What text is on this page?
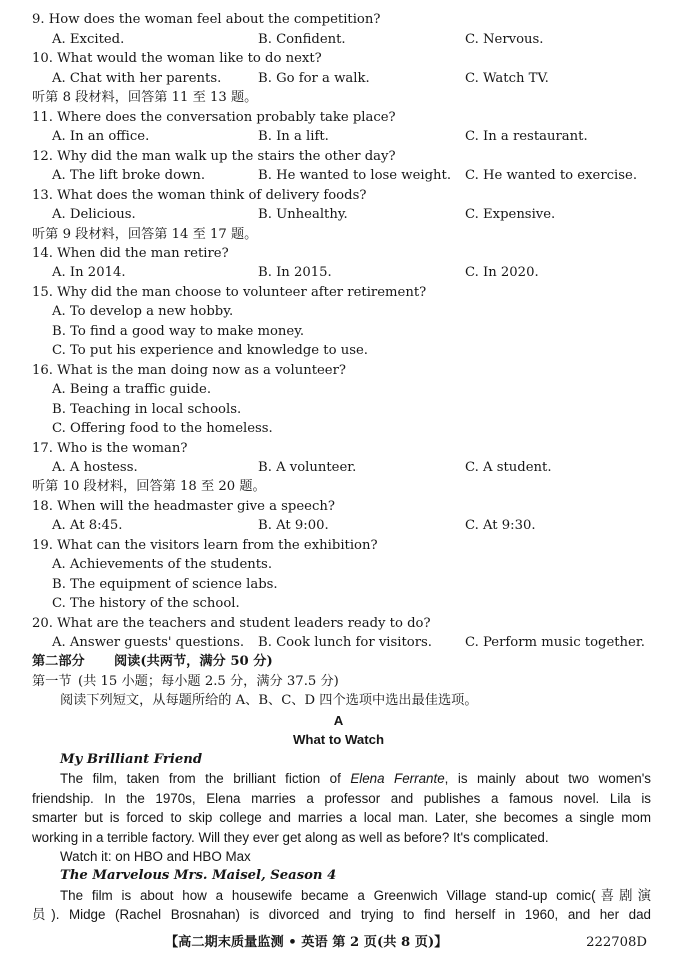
9. How does the woman feel about the competition?
A. Excited.	B. Confident.	C. Nervous.
10. What would the woman like to do next?
A. Chat with her parents.	B. Go for a walk.	C. Watch TV.
听第 8 段材料，回答第 11 至 13 题。
11. Where does the conversation probably take place?
A. In an office.	B. In a lift.	C. In a restaurant.
12. Why did the man walk up the stairs the other day?
A. The lift broke down.	B. He wanted to lose weight. C. He wanted to exercise.
13. What does the woman think of delivery foods?
A. Delicious.	B. Unhealthy.	C. Expensive.
听第 9 段材料，回答第 14 至 17 题。
14. When did the man retire?
A. In 2014.	B. In 2015.	C. In 2020.
15. Why did the man choose to volunteer after retirement?
A. To develop a new hobby.
B. To find a good way to make money.
C. To put his experience and knowledge to use.
16. What is the man doing now as a volunteer?
A. Being a traffic guide.
B. Teaching in local schools.
C. Offering food to the homeless.
17. Who is the woman?
A. A hostess.	B. A volunteer.	C. A student.
听第 10 段材料，回答第 18 至 20 题。
18. When will the headmaster give a speech?
A. At 8:45.	B. At 9:00.	C. At 9:30.
19. What can the visitors learn from the exhibition?
A. Achievements of the students.
B. The equipment of science labs.
C. The history of the school.
20. What are the teachers and student leaders ready to do?
A. Answer guests' questions. B. Cook lunch for visitors.	C. Perform music together.
第二部分 阅读(共两节，满分 50 分)
第一节 (共 15 小题；每小题 2.5 分，满分 37.5 分)
阅读下列短文，从每题所给的 A、B、C、D 四个选项中选出最佳选项。
A
What to Watch
My Brilliant Friend
The film, taken from the brilliant fiction of Elena Ferrante, is mainly about two women's
friendship. In the 1970s, Elena marries a professor and publishes a famous novel. Lila is
smarter but is forced to skip college and marries a local man. Later, she becomes a single mom
working in a terrible factory. Will they ever get along as well as before? It's complicated.
Watch it: on HBO and HBO Max
The Marvelous Mrs. Maisel, Season 4
The film is about how a housewife became a Greenwich Village stand-up comic(喜剧演
员). Midge (Rachel Brosnahan) is divorced and trying to find herself in 1960, and her dad
【高二期末质量监测 • 英语 第 2 页(共 8 页)】	222708D
